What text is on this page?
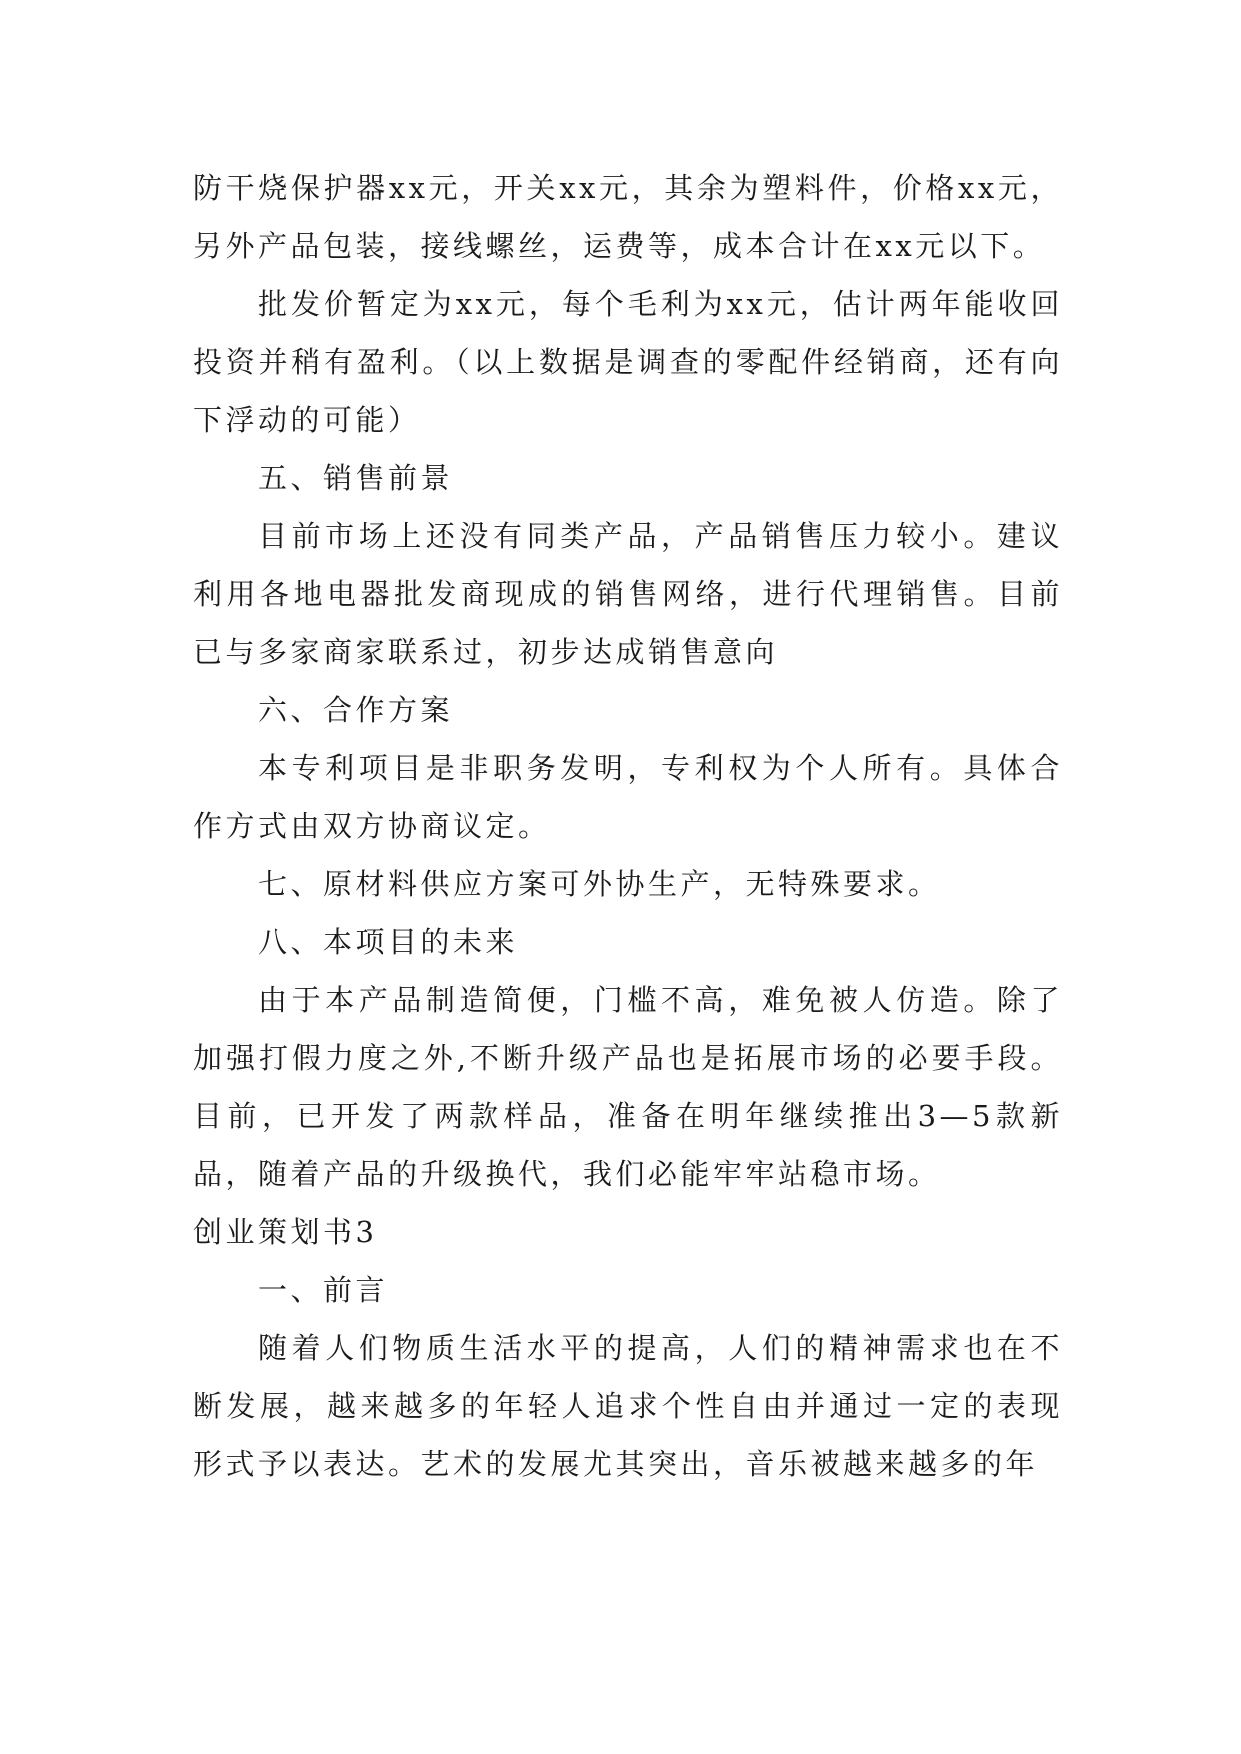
防干烧保护器xx元，开关xx元，其余为塑料件，价格xx元，另外产品包装，接线螺丝，运费等，成本合计在xx元以下。

批发价暂定为xx元，每个毛利为xx元，估计两年能收回投资并稍有盈利。（以上数据是调查的零配件经销商，还有向下浮动的可能）

五、销售前景

目前市场上还没有同类产品，产品销售压力较小。建议利用各地电器批发商现成的销售网络，进行代理销售。目前已与多家商家联系过，初步达成销售意向

六、合作方案

本专利项目是非职务发明，专利权为个人所有。具体合作方式由双方协商议定。

七、原材料供应方案可外协生产，无特殊要求。

八、本项目的未来

由于本产品制造简便，门槛不高，难免被人仿造。除了加强打假力度之外,不断升级产品也是拓展市场的必要手段。目前，已开发了两款样品，准备在明年继续推出3—5款新品，随着产品的升级换代，我们必能牢牢站稳市场。

创业策划书3

一、前言

随着人们物质生活水平的提高，人们的精神需求也在不断发展，越来越多的年轻人追求个性自由并通过一定的表现形式予以表达。艺术的发展尤其突出，音乐被越来越多的年
